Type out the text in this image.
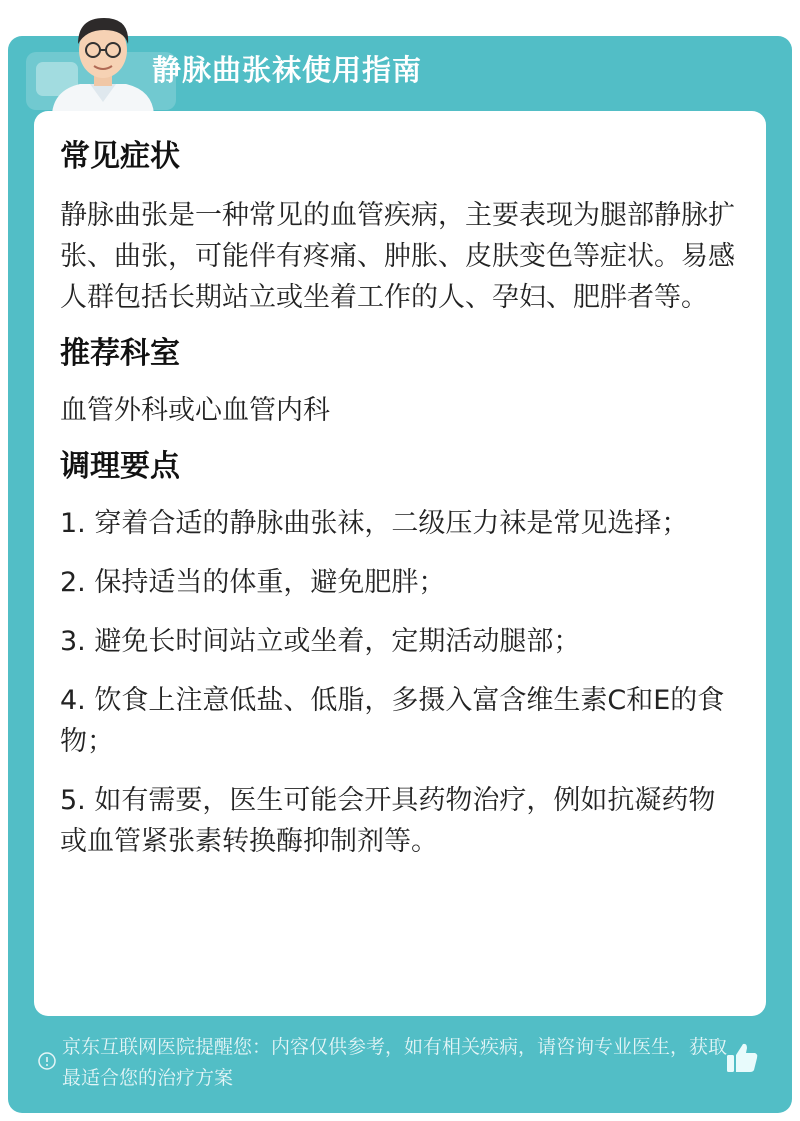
静脉曲张袜使用指南
常见症状

静脉曲张是一种常见的血管疾病，主要表现为腿部静脉扩张、曲张，可能伴有疼痛、肿胀、皮肤变色等症状。易感人群包括长期站立或坐着工作的人、孕妇、肥胖者等。

推荐科室

血管外科或心血管内科

调理要点
1. 穿着合适的静脉曲张袜，二级压力袜是常见选择；
2. 保持适当的体重，避免肥胖；
3. 避免长时间站立或坐着，定期活动腿部；
4. 饮食上注意低盐、低脂，多摄入富含维生素C和E的食物；
5. 如有需要，医生可能会开具药物治疗，例如抗凝药物或血管紧张素转换酶抑制剂等。
京东互联网医院提醒您：内容仅供参考，如有相关疾病，请咨询专业医生，获取最适合您的治疗方案
